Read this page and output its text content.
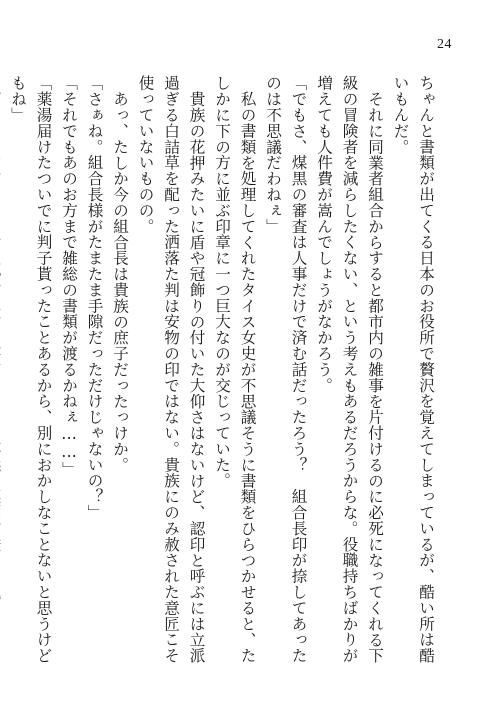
24

ちゃんと書類が出てくる日本のお役所で贅沢を覚えてしまっているが、酷い所は酷いもんだ。

それに同業者組合からすると都市内の雑事を片付けるのに必死になってくれる下級の冒険者を減らしたくない、という考えもあるだろうからな。役職持ちばかりが増えても人件費が嵩んでしょうがなかろう。

「でもさ、煤黒の審査は人事だけで済む話だったろう？　組合長印が捺してあったのは不思議だわねぇ」

私の書類を処理してくれたタイス女史が不思議そうに書類をひらつかせると、たしかに下の方に並ぶ印章に一つ巨大なのが交じっていた。

貴族の花押みたいに盾や冠飾りの付いた大仰さはないけど、認印と呼ぶには立派過ぎる白詰草を配った洒落た判は安物の印ではない。貴族にのみ赦された意匠こそ使っていないものの。

あっ、たしか今の組合長は貴族の庶子だったっけか。

「さぁね。組合長様がたまたま手隙だっただけじゃないの？」

「それでもあのお方まで雑総の書類が渡るかねぇ……」

「薬湯届けたついでに判子貰ったことあるから、別におかしなことないと思うけどもね」
